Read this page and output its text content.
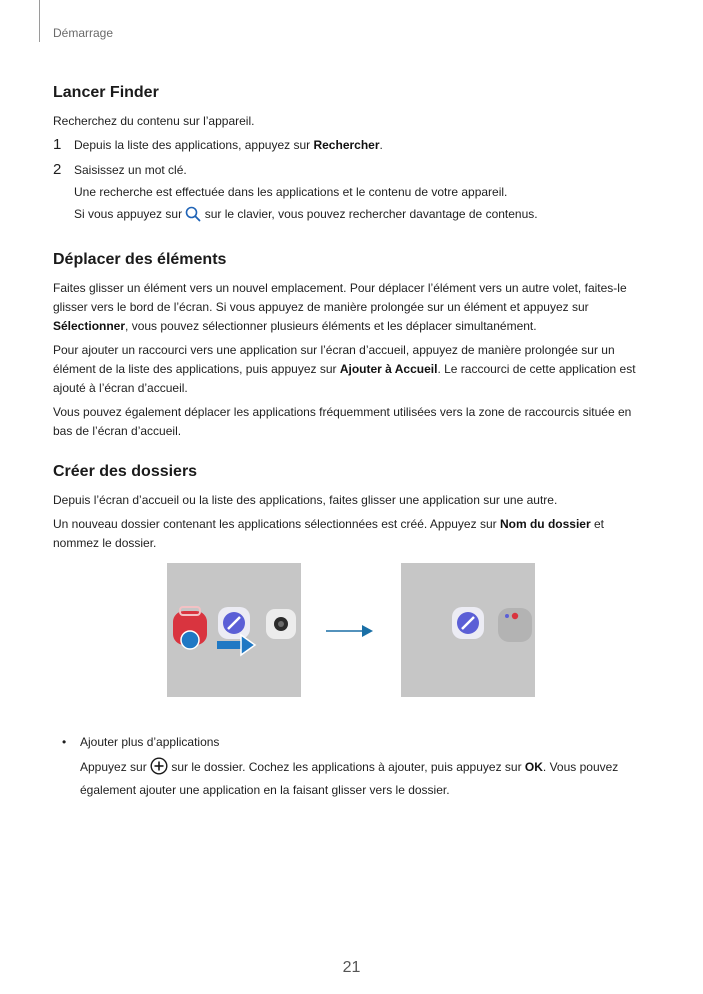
Démarrage
Lancer Finder

Recherchez du contenu sur l’appareil.

1 Depuis la liste des applications, appuyez sur Rechercher.

2 Saisissez un mot clé.

Une recherche est effectuée dans les applications et le contenu de votre appareil.

Si vous appuyez sur  sur le clavier, vous pouvez rechercher davantage de contenus.

Déplacer des éléments

Faites glisser un élément vers un nouvel emplacement. Pour déplacer l’élément vers un autre volet, faites-le glisser vers le bord de l’écran. Si vous appuyez de manière prolongée sur un élément et appuyez sur Sélectionner, vous pouvez sélectionner plusieurs éléments et les déplacer simultanément.

Pour ajouter un raccourci vers une application sur l’écran d’accueil, appuyez de manière prolongée sur un élément de la liste des applications, puis appuyez sur Ajouter à Accueil. Le raccourci de cette application est ajouté à l’écran d’accueil.

Vous pouvez également déplacer les applications fréquemment utilisées vers la zone de raccourcis située en bas de l’écran d’accueil.

Créer des dossiers

Depuis l’écran d’accueil ou la liste des applications, faites glisser une application sur une autre.

Un nouveau dossier contenant les applications sélectionnées est créé. Appuyez sur Nom du dossier et nommez le dossier.

• Ajouter plus d’applications

Appuyez sur  sur le dossier. Cochez les applications à ajouter, puis appuyez sur OK. Vous pouvez également ajouter une application en la faisant glisser vers le dossier.

21
